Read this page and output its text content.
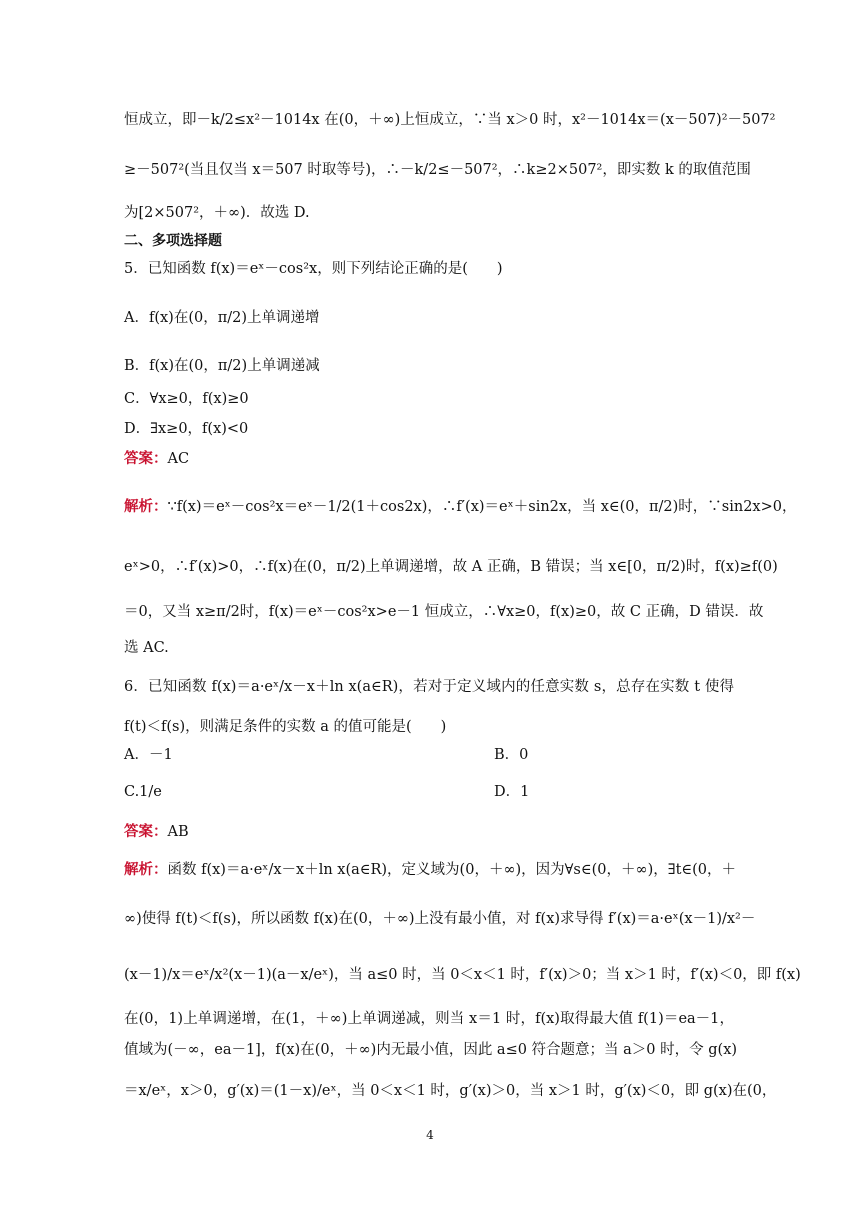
恒成立，即－k/2≤x²－1014x 在(0，＋∞)上恒成立，∵当 x＞0 时，x²－1014x＝(x－507)²－507²
≥－507²(当且仅当 x＝507 时取等号)，∴－k/2≤－507²，∴k≥2×507²，即实数 k 的取值范围
为[2×507²，＋∞)．故选 D.
二、多项选择题
5．已知函数 f(x)＝eˣ－cos²x，则下列结论正确的是(　　)
A．f(x)在(0，π/2)上单调递增
B．f(x)在(0，π/2)上单调递减
C．∀x≥0，f(x)≥0
D．∃x≥0，f(x)<0
答案：AC
解析：∵f(x)＝eˣ－cos²x＝eˣ－1/2(1＋cos2x)，∴f′(x)＝eˣ＋sin2x，当 x∈(0，π/2)时，∵sin2x>0，
eˣ>0，∴f′(x)>0，∴f(x)在(0，π/2)上单调递增，故 A 正确，B 错误；当 x∈[0，π/2)时，f(x)≥f(0)
＝0，又当 x≥π/2时，f(x)＝eˣ－cos²x>e－1 恒成立，∴∀x≥0，f(x)≥0，故 C 正确，D 错误．故
选 AC.
6．已知函数 f(x)＝a·eˣ/x－x＋ln x(a∈R)，若对于定义域内的任意实数 s，总存在实数 t 使得
f(t)＜f(s)，则满足条件的实数 a 的值可能是(　　)
A．－1	B．0
C.1/e	D．1
答案：AB
解析：函数 f(x)＝a·eˣ/x－x＋ln x(a∈R)，定义域为(0，＋∞)，因为∀s∈(0，＋∞)，∃t∈(0，＋
∞)使得 f(t)＜f(s)，所以函数 f(x)在(0，＋∞)上没有最小值，对 f(x)求导得 f′(x)＝a·eˣ(x－1)/x²－
(x－1)/x＝eˣ/x²(x－1)(a－x/eˣ)，当 a≤0 时，当 0＜x＜1 时，f′(x)＞0；当 x＞1 时，f′(x)＜0，即 f(x)
在(0，1)上单调递增，在(1，＋∞)上单调递减，则当 x＝1 时，f(x)取得最大值 f(1)＝ea－1，
值域为(－∞，ea－1]，f(x)在(0，＋∞)内无最小值，因此 a≤0 符合题意；当 a＞0 时，令 g(x)
＝x/eˣ，x＞0，g′(x)＝(1－x)/eˣ，当 0＜x＜1 时，g′(x)＞0，当 x＞1 时，g′(x)＜0，即 g(x)在(0，
4
